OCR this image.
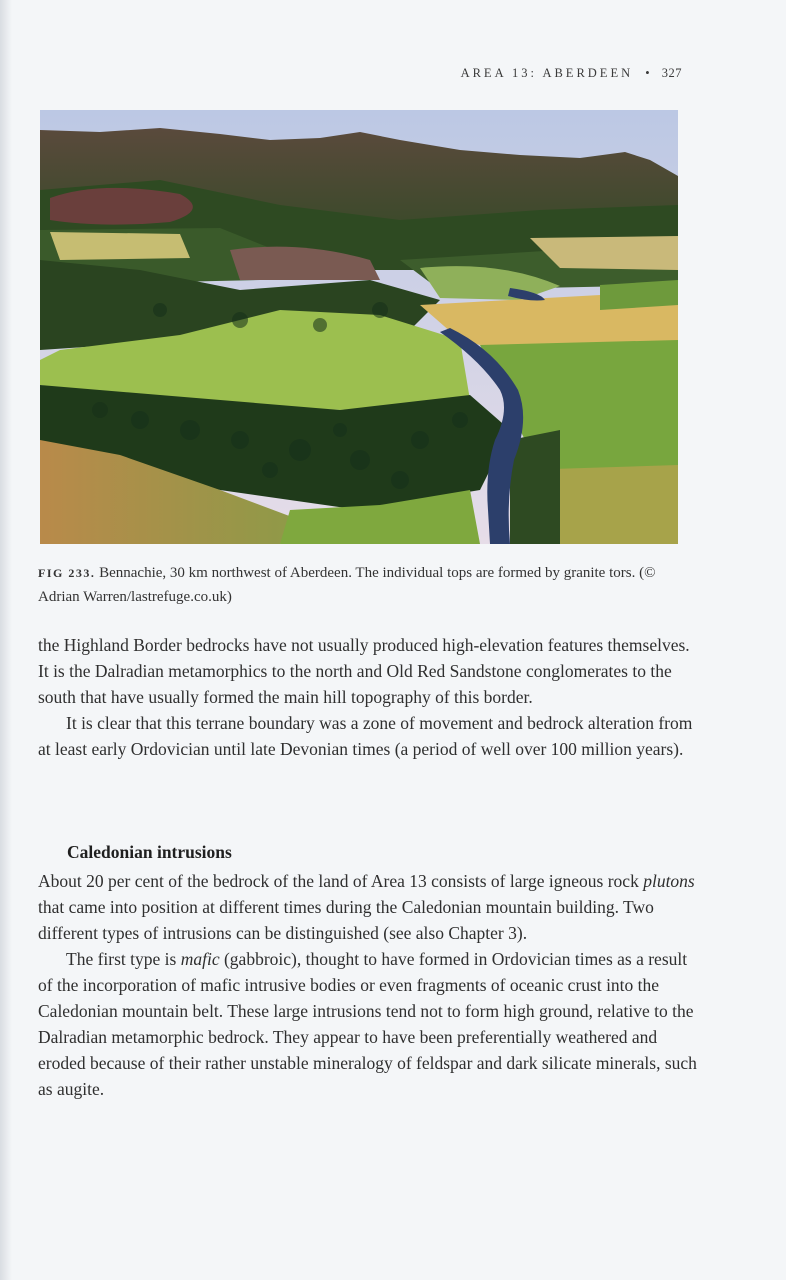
AREA 13: ABERDEEN • 327
FIG 233. Bennachie, 30 km northwest of Aberdeen. The individual tops are formed by granite tors. (© Adrian Warren/lastrefuge.co.uk)

the Highland Border bedrocks have not usually produced high-elevation features themselves. It is the Dalradian metamorphics to the north and Old Red Sandstone conglomerates to the south that have usually formed the main hill topography of this border.

It is clear that this terrane boundary was a zone of movement and bedrock alteration from at least early Ordovician until late Devonian times (a period of well over 100 million years).

Caledonian intrusions

About 20 per cent of the bedrock of the land of Area 13 consists of large igneous rock plutons that came into position at different times during the Caledonian mountain building. Two different types of intrusions can be distinguished (see also Chapter 3).

The first type is mafic (gabbroic), thought to have formed in Ordovician times as a result of the incorporation of mafic intrusive bodies or even fragments of oceanic crust into the Caledonian mountain belt. These large intrusions tend not to form high ground, relative to the Dalradian metamorphic bedrock. They appear to have been preferentially weathered and eroded because of their rather unstable mineralogy of feldspar and dark silicate minerals, such as augite.
